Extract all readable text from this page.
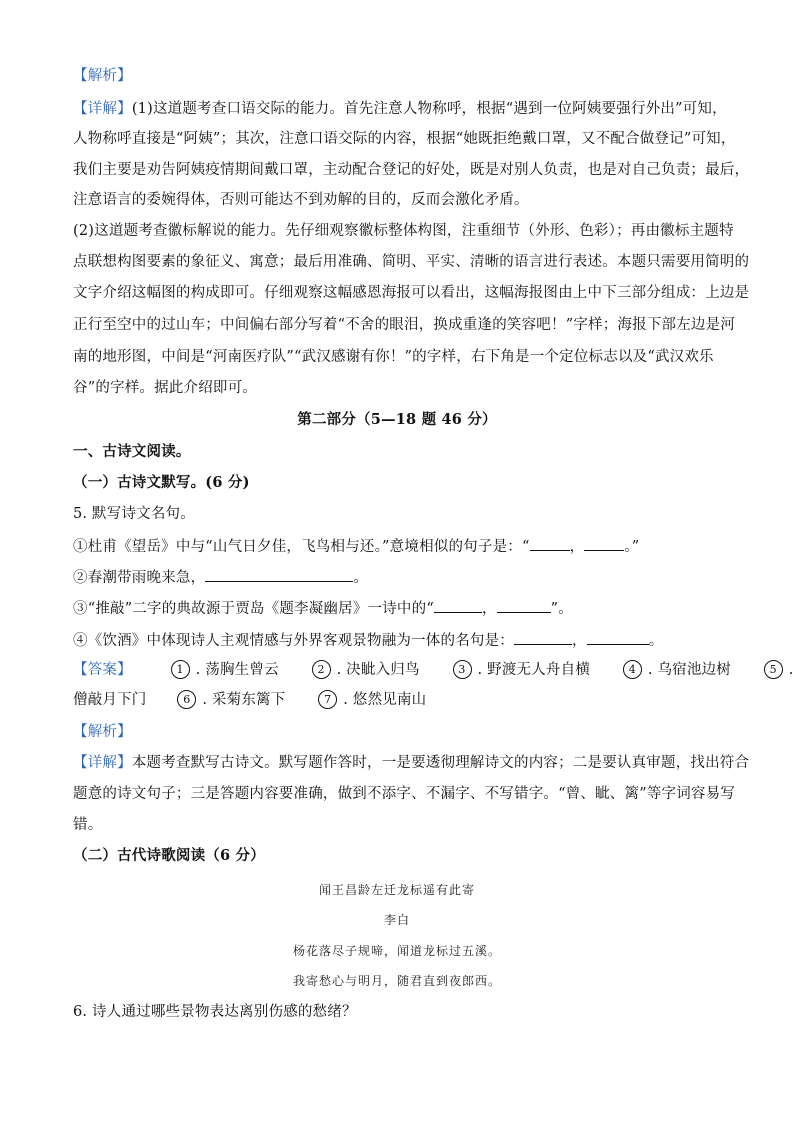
【解析】
【详解】(1)这道题考查口语交际的能力。首先注意人物称呼，根据“遇到一位阿姨要强行外出”可知，
人物称呼直接是“阿姨”；其次，注意口语交际的内容，根据“她既拒绝戴口罩，又不配合做登记”可知，
我们主要是劝告阿姨疫情期间戴口罩，主动配合登记的好处，既是对别人负责，也是对自己负责；最后，
注意语言的委婉得体，否则可能达不到劝解的目的，反而会激化矛盾。
(2)这道题考查徽标解说的能力。先仔细观察徽标整体构图，注重细节（外形、色彩）；再由徽标主题特
点联想构图要素的象征义、寓意；最后用准确、简明、平实、清晰的语言进行表述。本题只需要用简明的
文字介绍这幅图的构成即可。仔细观察这幅感恩海报可以看出，这幅海报图由上中下三部分组成：上边是
正行至空中的过山车；中间偏右部分写着“不舍的眼泪，换成重逢的笑容吧！”字样；海报下部左边是河
南的地形图，中间是“河南医疗队”“武汉感谢有你！”的字样，右下角是一个定位标志以及“武汉欢乐
谷”的字样。据此介绍即可。
第二部分（5—18 题 46 分）
一、古诗文阅读。
（一）古诗文默写。(6 分)
5. 默写诗文名句。
①杜甫《望岳》中与“山气日夕佳，飞鸟相与还。”意境相似的句子是：“	，	。”
②春潮带雨晚来急，	。
③“推敲”二字的典故源于贾岛《题李凝幽居》一诗中的“	，	”。
④《饮酒》中体现诗人主观情感与外界客观景物融为一体的名句是：	，	。
【答案】	1 . 荡胸生曾云	2 . 决眦入归鸟	3 . 野渡无人舟自横	4 . 乌宿池边树	5 .
僧敲月下门	6 . 采菊东篱下	7 . 悠然见南山
【解析】
【详解】本题考查默写古诗文。默写题作答时，一是要透彻理解诗文的内容；二是要认真审题，找出符合
题意的诗文句子；三是答题内容要准确，做到不添字、不漏字、不写错字。“曾、眦、篱”等字词容易写
错。
（二）古代诗歌阅读（6 分）
闻王昌龄左迁龙标遥有此寄
李白
杨花落尽子规啼，闻道龙标过五溪。
我寄愁心与明月，随君直到夜郎西。
6. 诗人通过哪些景物表达离别伤感的愁绪？
